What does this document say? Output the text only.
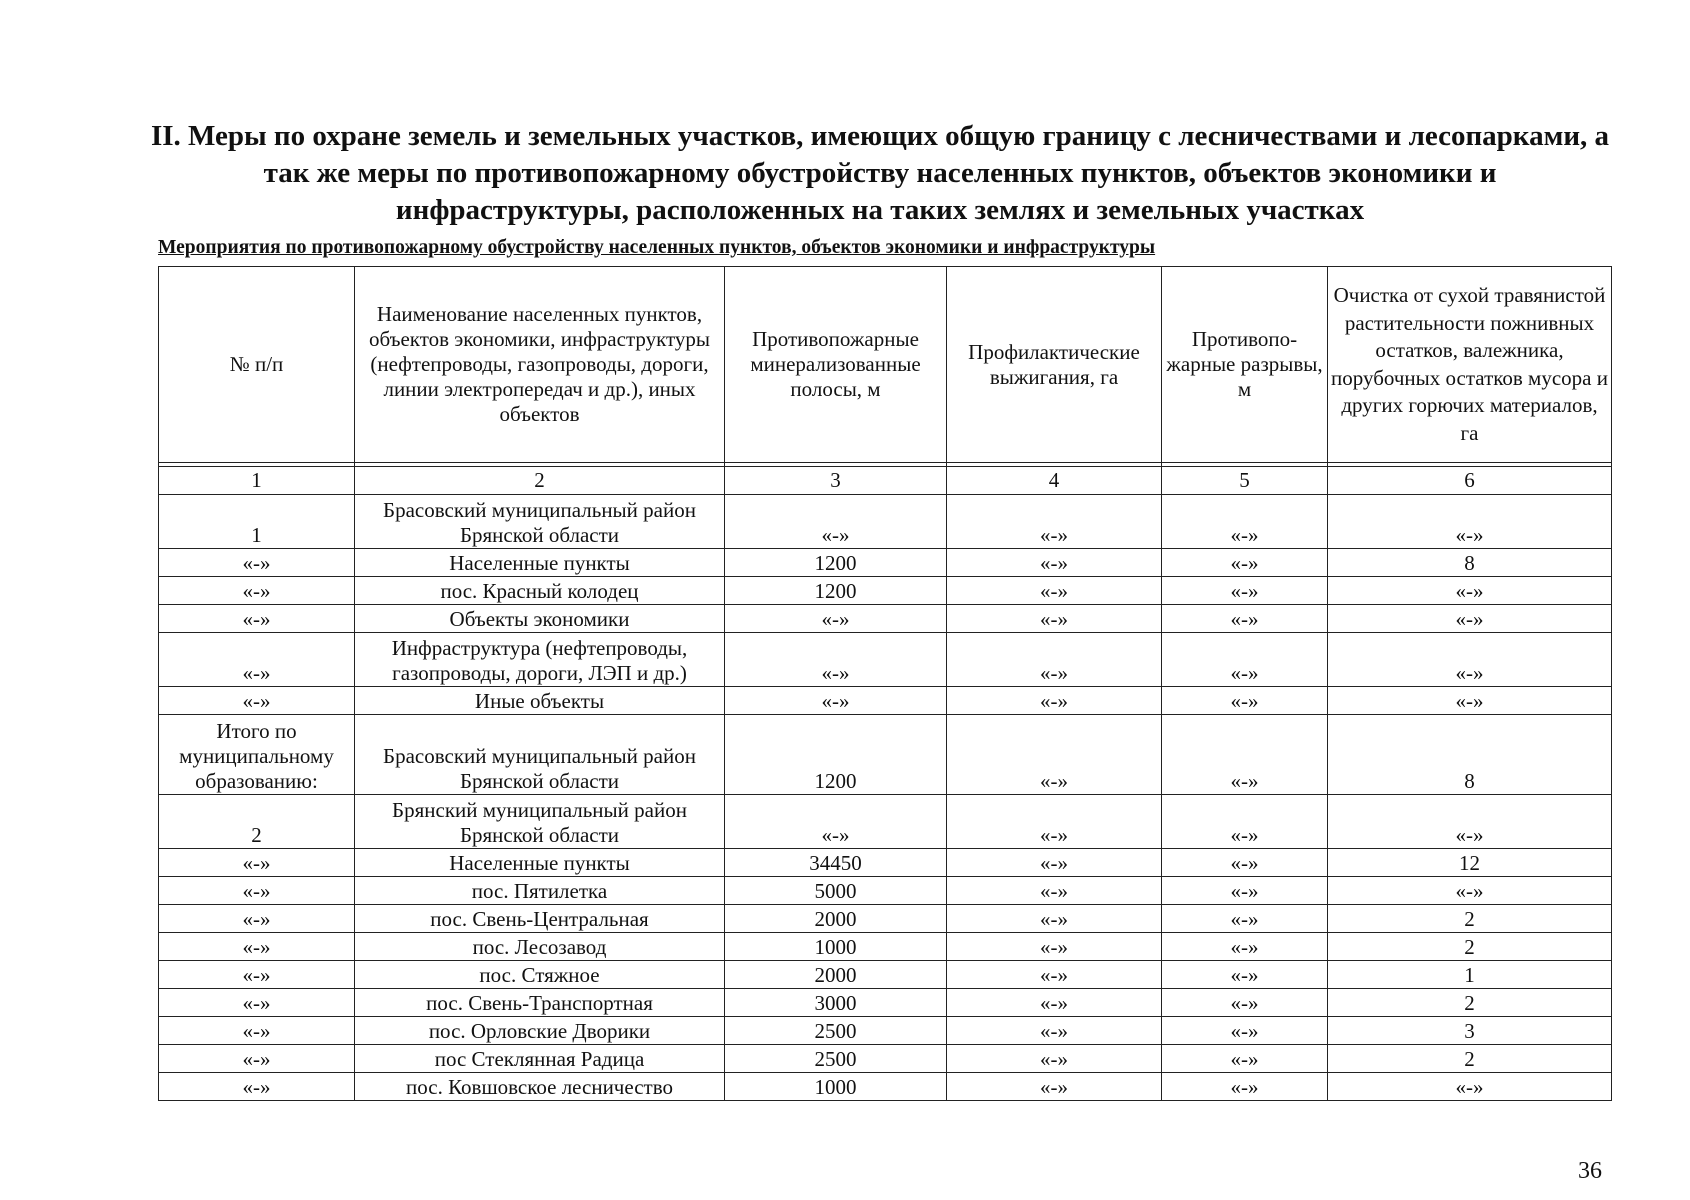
II. Меры по охране земель и земельных участков, имеющих общую границу с лесничествами и лесопарками, а так же меры по противопожарному обустройству населенных пунктов, объектов экономики и инфраструктуры, расположенных на таких землях и земельных участках
Мероприятия по противопожарному обустройству населенных пунктов, объектов экономики и инфраструктуры
№ п/п	Наименование населенных пунктов, объектов экономики, инфраструктуры (нефтепроводы, газопроводы, дороги, линии электропередач и др.), иных объектов	Противопожарные минерализованные полосы, м	Профилактические выжигания, га	Противопо-жарные разрывы, м	Очистка от сухой травянистой растительности пожнивных остатков, валежника, порубочных остатков мусора и других горючих материалов, га

1	2	3	4	5	6
1	Брасовский муниципальный район Брянской области	«-»	«-»	«-»	«-»
«-»	Населенные пункты	1200	«-»	«-»	8
«-»	пос. Красный колодец	1200	«-»	«-»	«-»
«-»	Объекты экономики	«-»	«-»	«-»	«-»
«-»	Инфраструктура (нефтепроводы, газопроводы, дороги, ЛЭП и др.)	«-»	«-»	«-»	«-»
«-»	Иные объекты	«-»	«-»	«-»	«-»
Итого по муниципальному образованию:	Брасовский муниципальный район Брянской области	1200	«-»	«-»	8
2	Брянский муниципальный район Брянской области	«-»	«-»	«-»	«-»
«-»	Населенные пункты	34450	«-»	«-»	12
«-»	пос. Пятилетка	5000	«-»	«-»	«-»
«-»	пос. Свень-Центральная	2000	«-»	«-»	2
«-»	пос. Лесозавод	1000	«-»	«-»	2
«-»	пос. Стяжное	2000	«-»	«-»	1
«-»	пос. Свень-Транспортная	3000	«-»	«-»	2
«-»	пос. Орловские Дворики	2500	«-»	«-»	3
«-»	пос Стеклянная Радица	2500	«-»	«-»	2
«-»	пос. Ковшовское лесничество	1000	«-»	«-»	«-»
36
